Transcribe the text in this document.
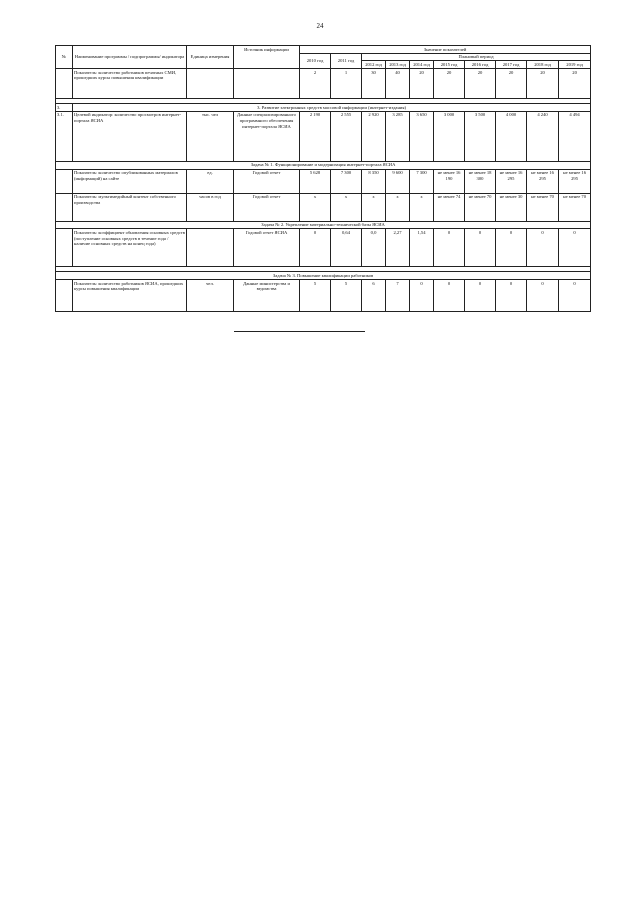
24
№	Наименование программы / подпрограммы/ индикатора	Единица измерения	Источник информации	Значение показателей									
				2010 год	2011 год	Плановый период							
						2012 год	2013 год	2014 год	2015 год	2016 год	2017 год	2018 год	2019 год
	Показатель: количество работников печатных СМИ, прошедших курсы повышения квалификации			2	1	30	40	20	20	20	20	20	20

3.	3. Развитие электронных средств массовой информации (интернет-издания)												
3.1.	Целевой индикатор: количество просмотров интернет-портала ЯСИА	тыс. чел	Данные специализированного программного обеспечения интернет-портала ЯСИА	2 190	2 555	2 920	3 285	3 650	3 000	3 500	4 000	4 240	4 494
Задача № 1. Функционирование и модернизация интернет-портала ЯСИА													
	Показатель: количество опубликованных материалов (информаций) на сайте	ед.	Годовой отчет	5 628	7 300	8 350	9 600	7 300	не менее 16 190	не менее 18 300	не менее 16 295	не менее 16 295	не менее 16 295
	Показатель: мультимедийный контент собственного производства	часов в год	Годовой отчет	x	x	x	x	x	не менее 74	не менее 70	не менее 30	не менее 70	не менее 70
Задача № 2. Укрепление материально-технической базы ЯСИА													
	Показатель: коэффициент обновления основных средств (поступление основных средств в течение года / наличие основных средств на конец года)		Годовой отчет ЯСИА	0	0,64	0,0	2,27	1,54	0	0	0	0	0

Задача № 3. Повышение квалификации работников													
	Показатель: количество работников ЯСИА, прошедших курсы повышения квалификации	чел.	Данные министерства и ведомства	5	5	6	7	0	0	0	0	0	0
